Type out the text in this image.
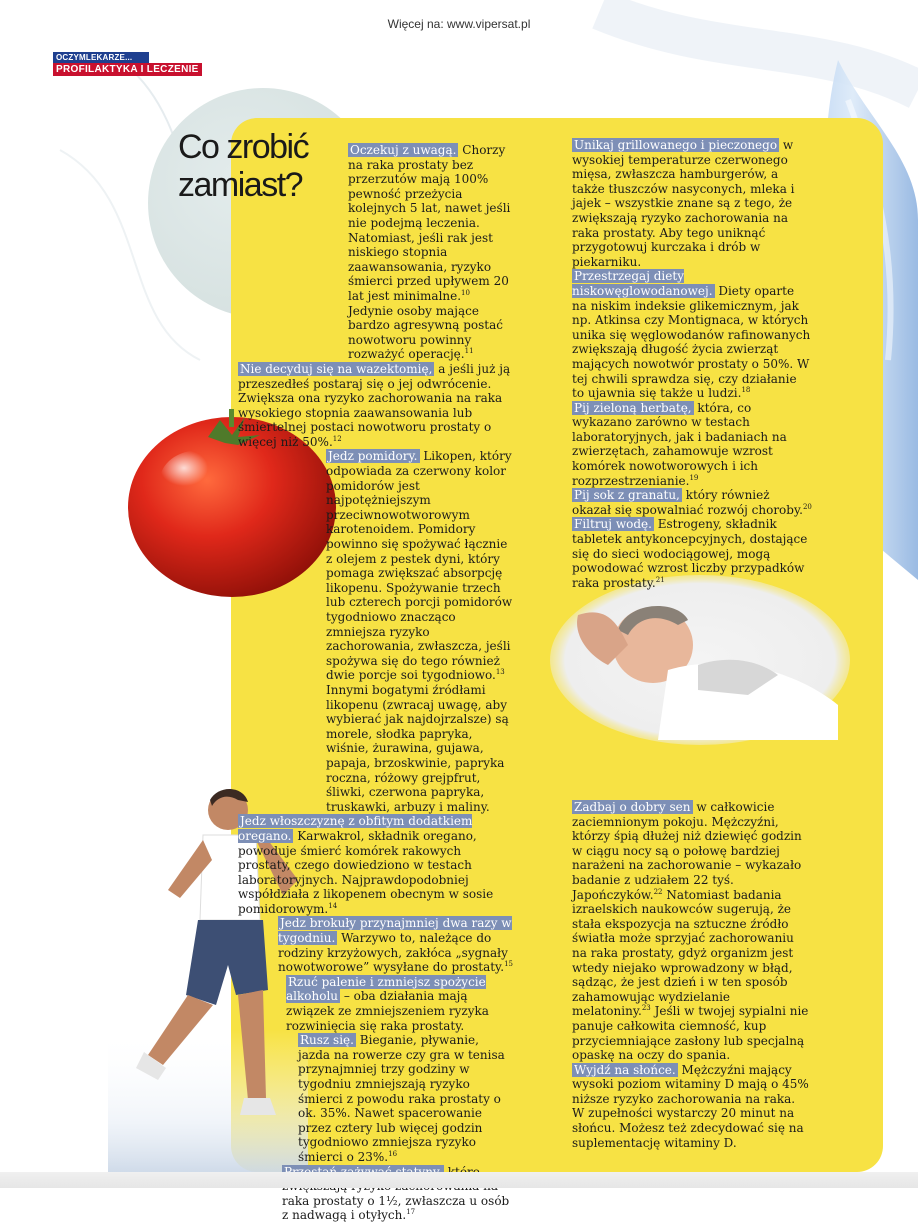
Więcej na: www.vipersat.pl
OCZYMLEKARZE...
PROFILAKTYKA I LECZENIE
Co zrobić zamiast?

Oczekuj z uwagą. Chorzy na raka prostaty bez przerzutów mają 100% pewność przeżycia kolejnych 5 lat, nawet jeśli nie podejmą leczenia. Natomiast, jeśli rak jest niskiego stopnia zaawansowania, ryzyko śmierci przed upływem 20 lat jest minimalne.$^{10}$ Jedynie osoby mające bardzo agresywną postać nowotworu powinny rozważyć operację.$^{11}$

Nie decyduj się na wazektomię, a jeśli już ją przeszedłeś postaraj się o jej odwrócenie. Zwiększa ona ryzyko zachorowania na raka wysokiego stopnia zaawansowania lub śmiertelnej postaci nowotworu prostaty o więcej niż 50%.$^{12}$

Jedz pomidory. Likopen, który odpowiada za czerwony kolor pomidorów jest najpotężniejszym przeciwnowotworowym karotenoidem. Pomidory powinno się spożywać łącznie z olejem z pestek dyni, który pomaga zwiększać absorpcję likopenu. Spożywanie trzech lub czterech porcji pomidorów tygodniowo znacząco zmniejsza ryzyko zachorowania, zwłaszcza, jeśli spożywa się do tego również dwie porcje soi tygodniowo.$^{13}$ Innymi bogatymi źródłami likopenu (zwracaj uwagę, aby wybierać jak najdojrzalsze) są morele, słodka papryka, wiśnie, żurawina, gujawa, papaja, brzoskwinie, papryka roczna, różowy grejpfrut, śliwki, czerwona papryka, truskawki, arbuzy i maliny.

Jedz włoszczyznę z obfitym dodatkiem oregano. Karwakrol, składnik oregano, powoduje śmierć komórek rakowych prostaty, czego dowiedziono w testach laboratoryjnych. Najprawdopodobniej współdziała z likopenem obecnym w sosie pomidorowym.$^{14}$

Jedz brokuły przynajmniej dwa razy w tygodniu. Warzywo to, należące do rodziny krzyżowych, zakłóca „sygnały nowotworowe” wysyłane do prostaty.$^{15}$

Rzuć palenie i zmniejsz spożycie alkoholu – oba działania mają związek ze zmniejszeniem ryzyka rozwinięcia się raka prostaty.

Rusz się. Bieganie, pływanie, jazda na rowerze czy gra w tenisa przynajmniej trzy godziny w tygodniu zmniejszają ryzyko śmierci z powodu raka prostaty o ok. 35%. Nawet spacerowanie przez cztery lub więcej godzin tygodniowo zmniejsza ryzyko śmierci o 23%.$^{16}$

raka prostaty o 1½, zwłaszcza u osób z nadwagą i otyłych.$^{17}$

Unikaj grillowanego i pieczonego w wysokiej temperaturze czerwonego mięsa, zwłaszcza hamburgerów, a także tłuszczów nasyconych, mleka i jajek – wszystkie znane są z tego, że zwiększają ryzyko zachorowania na raka prostaty. Aby tego uniknąć przygotowuj kurczaka i drób w piekarniku.

Przestrzegaj diety niskowęglowodanowej. Diety oparte na niskim indeksie glikemicznym, jak np. Atkinsa czy Montignaca, w których unika się węglowodanów rafinowanych zwiększają długość życia zwierząt mających nowotwór prostaty o 50%. W tej chwili sprawdza się, czy działanie to ujawnia się także u ludzi.$^{18}$

Pij zieloną herbatę, która, co wykazano zarówno w testach laboratoryjnych, jak i badaniach na zwierzętach, zahamowuje wzrost komórek nowotworowych i ich rozprzestrzenianie.$^{19}$

Pij sok z granatu, który również okazał się spowalniać rozwój choroby.$^{20}$

Filtruj wodę. Estrogeny, składnik tabletek antykoncepcyjnych, dostające się do sieci wodociągowej, mogą powodować wzrost liczby przypadków raka prostaty.$^{21}$

Zadbaj o dobry sen w całkowicie zaciemnionym pokoju. Mężczyźni, którzy śpią dłużej niż dziewięć godzin w ciągu nocy są o połowę bardziej narażeni na zachorowanie – wykazało badanie z udziałem 22 tyś. Japończyków.$^{22}$ Natomiast badania izraelskich naukowców sugerują, że stała ekspozycja na sztuczne źródło światła może sprzyjać zachorowaniu na raka prostaty, gdyż organizm jest wtedy niejako wprowadzony w błąd, sądząc, że jest dzień i w ten sposób zahamowując wydzielanie melatoniny.$^{23}$ Jeśli w twojej sypialni nie panuje całkowita ciemność, kup przyciemniające zasłony lub specjalną opaskę na oczy do spania.

Wyjdź na słońce. Mężczyźni mający wysoki poziom witaminy D mają o 45% niższe ryzyko zachorowania na raka. W zupełności wystarczy 20 minut na słońcu. Możesz też zdecydować się na suplementację witaminy D.
